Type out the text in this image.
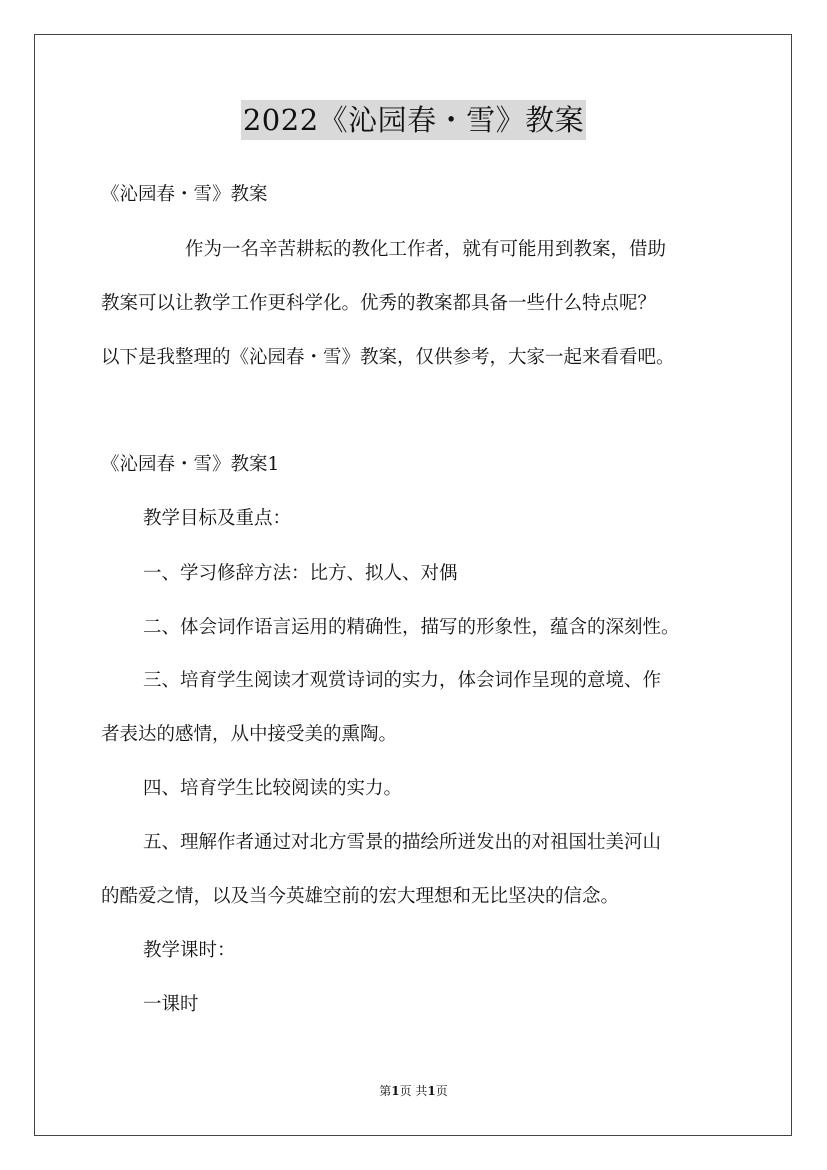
2022《沁园春・雪》教案
《沁园春・雪》教案
作为一名辛苦耕耘的教化工作者，就有可能用到教案，借助
教案可以让教学工作更科学化。优秀的教案都具备一些什么特点呢？
以下是我整理的《沁园春・雪》教案，仅供参考，大家一起来看看吧。
《沁园春・雪》教案1
教学目标及重点：
一、学习修辞方法：比方、拟人、对偶
二、体会词作语言运用的精确性，描写的形象性，蕴含的深刻性。
三、培育学生阅读才观赏诗词的实力，体会词作呈现的意境、作
者表达的感情，从中接受美的熏陶。
四、培育学生比较阅读的实力。
五、理解作者通过对北方雪景的描绘所迸发出的对祖国壮美河山
的酷爱之情，以及当今英雄空前的宏大理想和无比坚决的信念。
教学课时：
一课时
第1页 共1页
